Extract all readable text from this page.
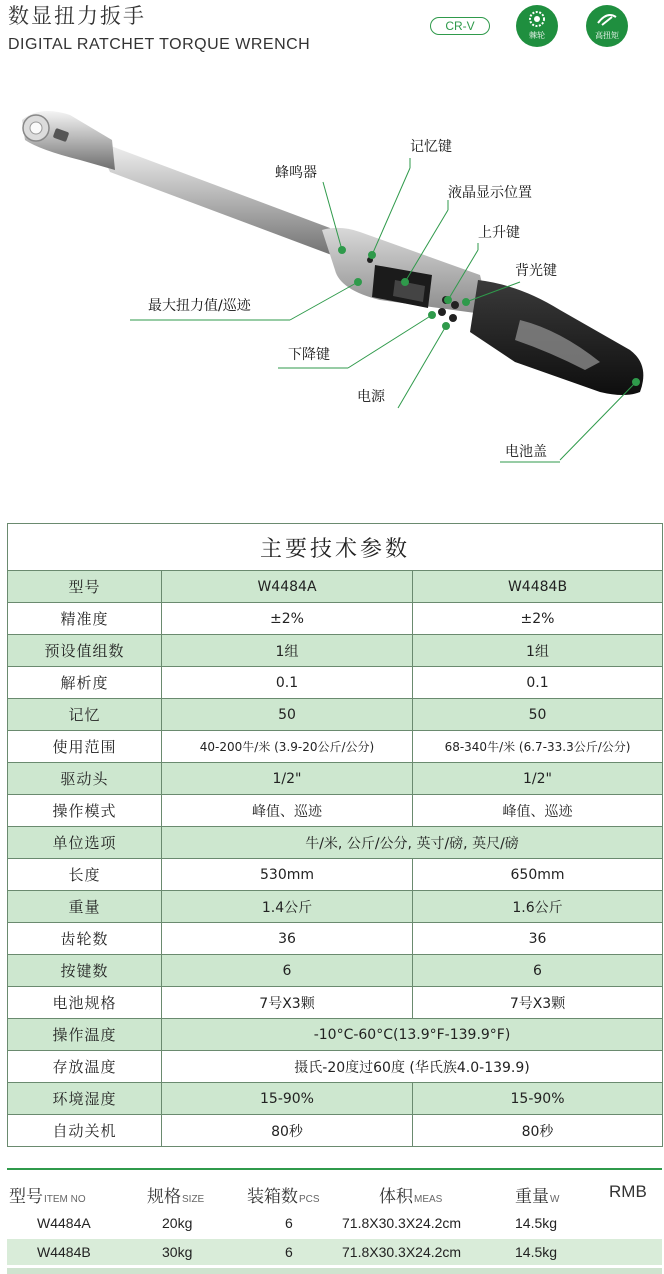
数显扭力扳手
DIGITAL RATCHET TORQUE WRENCH
CR-V
棘轮	高扭矩
记忆键
蜂鸣器
液晶显示位置
上升键
背光键
最大扭力值/巡迹
下降键
电源
电池盖
主要技术参数		
型号	W4484A	W4484B
精准度	±2%	±2%
预设值组数	1组	1组
解析度	0.1	0.1
记忆	50	50
使用范围	40-200牛/米 (3.9-20公斤/公分)	68-340牛/米 (6.7-33.3公斤/公分)
驱动头	1/2"	1/2"
操作模式	峰值、巡迹	峰值、巡迹
单位选项	牛/米, 公斤/公分, 英寸/磅, 英尺/磅	
长度	530mm	650mm
重量	1.4公斤	1.6公斤
齿轮数	36	36
按键数	6	6
电池规格	7号X3颗	7号X3颗
操作温度	-10°C-60°C(13.9°F-139.9°F)	
存放温度	摄氏-20度过60度 (华氏族4.0-139.9)	
环境湿度	15-90%	15-90%
自动关机	80秒	80秒
型号ITEM NO	规格SIZE	装箱数PCS	体积MEAS	重量W	RMB
W4484A	20kg	6	71.8X30.3X24.2cm	14.5kg
W4484B	30kg	6	71.8X30.3X24.2cm	14.5kg
